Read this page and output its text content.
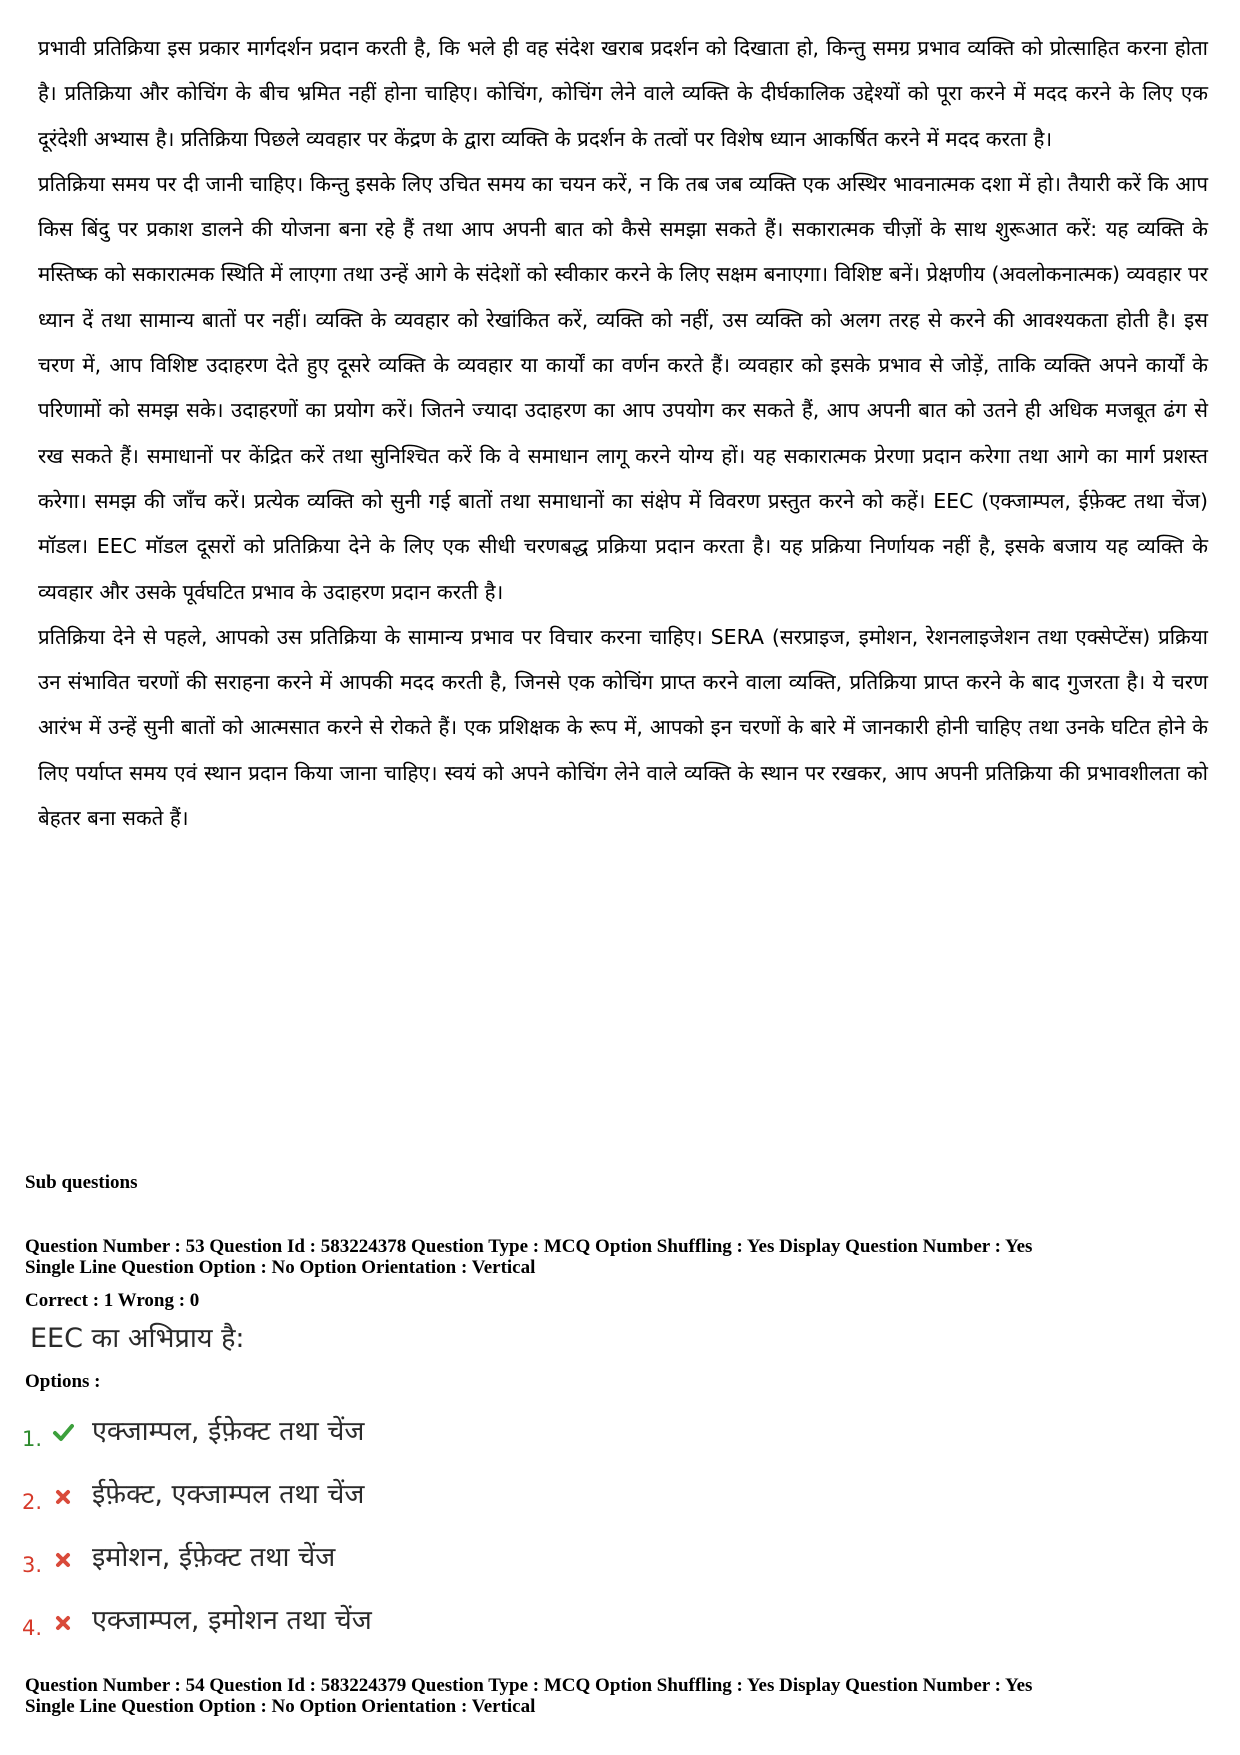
प्रभावी प्रतिक्रिया इस प्रकार मार्गदर्शन प्रदान करती है, कि भले ही वह संदेश खराब प्रदर्शन को दिखाता हो, किन्तु समग्र प्रभाव व्यक्ति को प्रोत्साहित करना होता है। प्रतिक्रिया और कोचिंग के बीच भ्रमित नहीं होना चाहिए। कोचिंग, कोचिंग लेने वाले व्यक्ति के दीर्घकालिक उद्देश्यों को पूरा करने में मदद करने के लिए एक दूरंदेशी अभ्यास है। प्रतिक्रिया पिछले व्यवहार पर केंद्रण के द्वारा व्यक्ति के प्रदर्शन के तत्वों पर विशेष ध्यान आकर्षित करने में मदद करता है।

प्रतिक्रिया समय पर दी जानी चाहिए। किन्तु इसके लिए उचित समय का चयन करें, न कि तब जब व्यक्ति एक अस्थिर भावनात्मक दशा में हो। तैयारी करें कि आप किस बिंदु पर प्रकाश डालने की योजना बना रहे हैं तथा आप अपनी बात को कैसे समझा सकते हैं। सकारात्मक चीज़ों के साथ शुरूआत करें: यह व्यक्ति के मस्तिष्क को सकारात्मक स्थिति में लाएगा तथा उन्हें आगे के संदेशों को स्वीकार करने के लिए सक्षम बनाएगा। विशिष्ट बनें। प्रेक्षणीय (अवलोकनात्मक) व्यवहार पर ध्यान दें तथा सामान्य बातों पर नहीं। व्यक्ति के व्यवहार को रेखांकित करें, व्यक्ति को नहीं, उस व्यक्ति को अलग तरह से करने की आवश्यकता होती है। इस चरण में, आप विशिष्ट उदाहरण देते हुए दूसरे व्यक्ति के व्यवहार या कार्यों का वर्णन करते हैं। व्यवहार को इसके प्रभाव से जोड़ें, ताकि व्यक्ति अपने कार्यों के परिणामों को समझ सके। उदाहरणों का प्रयोग करें। जितने ज्यादा उदाहरण का आप उपयोग कर सकते हैं, आप अपनी बात को उतने ही अधिक मजबूत ढंग से रख सकते हैं। समाधानों पर केंद्रित करें तथा सुनिश्चित करें कि वे समाधान लागू करने योग्य हों। यह सकारात्मक प्रेरणा प्रदान करेगा तथा आगे का मार्ग प्रशस्त करेगा। समझ की जाँच करें। प्रत्येक व्यक्ति को सुनी गई बातों तथा समाधानों का संक्षेप में विवरण प्रस्तुत करने को कहें। EEC (एक्जाम्पल, ईफ़ेक्ट तथा चेंज) मॉडल। EEC मॉडल दूसरों को प्रतिक्रिया देने के लिए एक सीधी चरणबद्ध प्रक्रिया प्रदान करता है। यह प्रक्रिया निर्णायक नहीं है, इसके बजाय यह व्यक्ति के व्यवहार और उसके पूर्वघटित प्रभाव के उदाहरण प्रदान करती है।

प्रतिक्रिया देने से पहले, आपको उस प्रतिक्रिया के सामान्य प्रभाव पर विचार करना चाहिए। SERA (सरप्राइज, इमोशन, रेशनलाइजेशन तथा एक्सेप्टेंस) प्रक्रिया उन संभावित चरणों की सराहना करने में आपकी मदद करती है, जिनसे एक कोचिंग प्राप्त करने वाला व्यक्ति, प्रतिक्रिया प्राप्त करने के बाद गुजरता है। ये चरण आरंभ में उन्हें सुनी बातों को आत्मसात करने से रोकते हैं। एक प्रशिक्षक के रूप में, आपको इन चरणों के बारे में जानकारी होनी चाहिए तथा उनके घटित होने के लिए पर्याप्त समय एवं स्थान प्रदान किया जाना चाहिए। स्वयं को अपने कोचिंग लेने वाले व्यक्ति के स्थान पर रखकर, आप अपनी प्रतिक्रिया की प्रभावशीलता को बेहतर बना सकते हैं।

Sub questions
Question Number : 53 Question Id : 583224378 Question Type : MCQ Option Shuffling : Yes Display Question Number : Yes
Single Line Question Option : No Option Orientation : Vertical
Correct : 1 Wrong : 0
EEC का अभिप्राय है:
Options :
1. एक्जाम्पल, ईफ़ेक्ट तथा चेंज
2. ईफ़ेक्ट, एक्जाम्पल तथा चेंज
3. इमोशन, ईफ़ेक्ट तथा चेंज
4. एक्जाम्पल, इमोशन तथा चेंज
Question Number : 54 Question Id : 583224379 Question Type : MCQ Option Shuffling : Yes Display Question Number : Yes
Single Line Question Option : No Option Orientation : Vertical
